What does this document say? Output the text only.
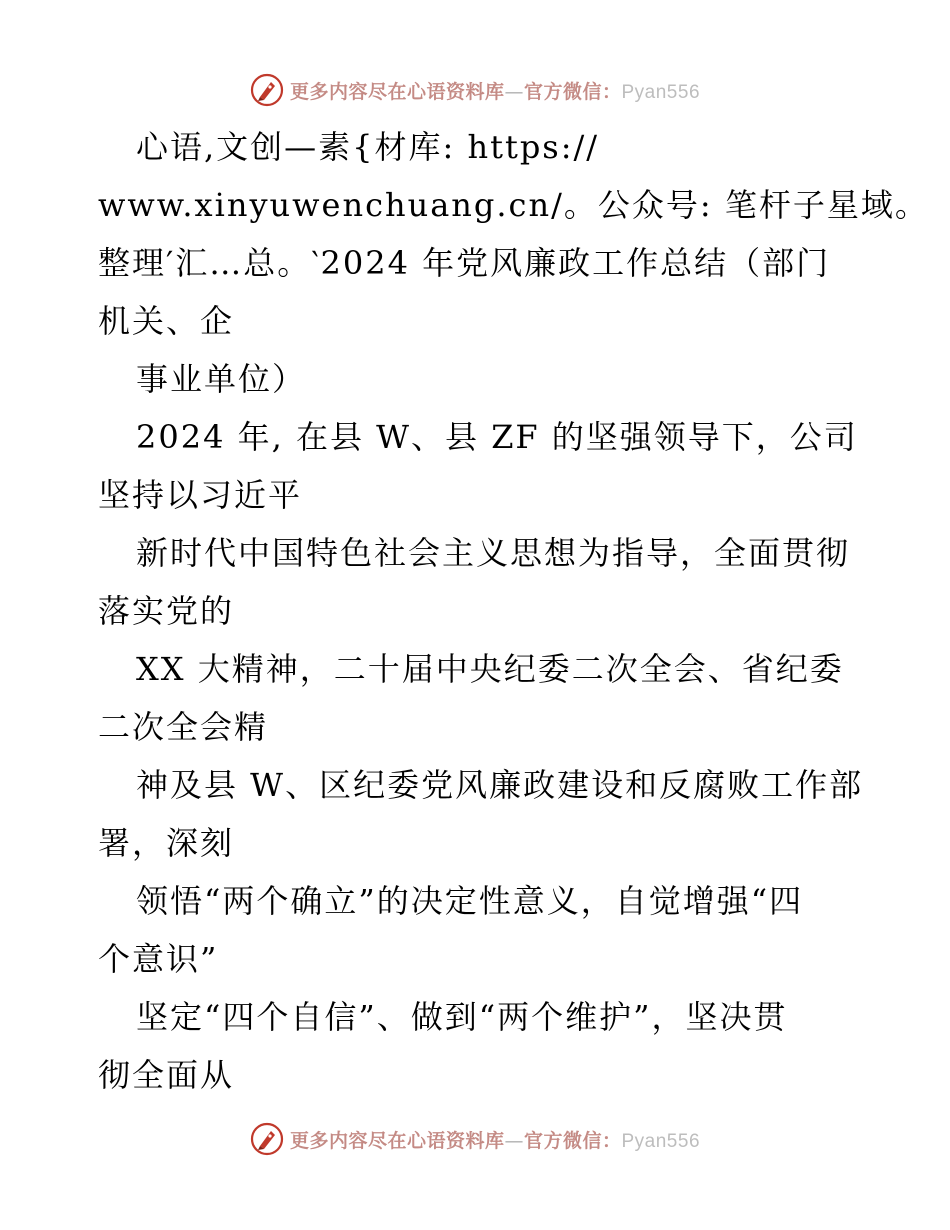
更多内容尽在心语资料库—官方微信：Pyan556
心语,文创—素{材库: https://
www.xinyuwenchuang.cn/。公众号: 笔杆子星域。
整理′汇…总。‵2024 年党风廉政工作总结（部门
机关、企
事业单位）
2024 年, 在县 W、县 ZF 的坚强领导下，公司
坚持以习近平
新时代中国特色社会主义思想为指导，全面贯彻
落实党的
XX 大精神，二十届中央纪委二次全会、省纪委
二次全会精
神及县 W、区纪委党风廉政建设和反腐败工作部
署，深刻
领悟“两个确立”的决定性意义，自觉增强“四
个意识”
坚定“四个自信”、做到“两个维护”，坚决贯
彻全面从
更多内容尽在心语资料库—官方微信：Pyan556
